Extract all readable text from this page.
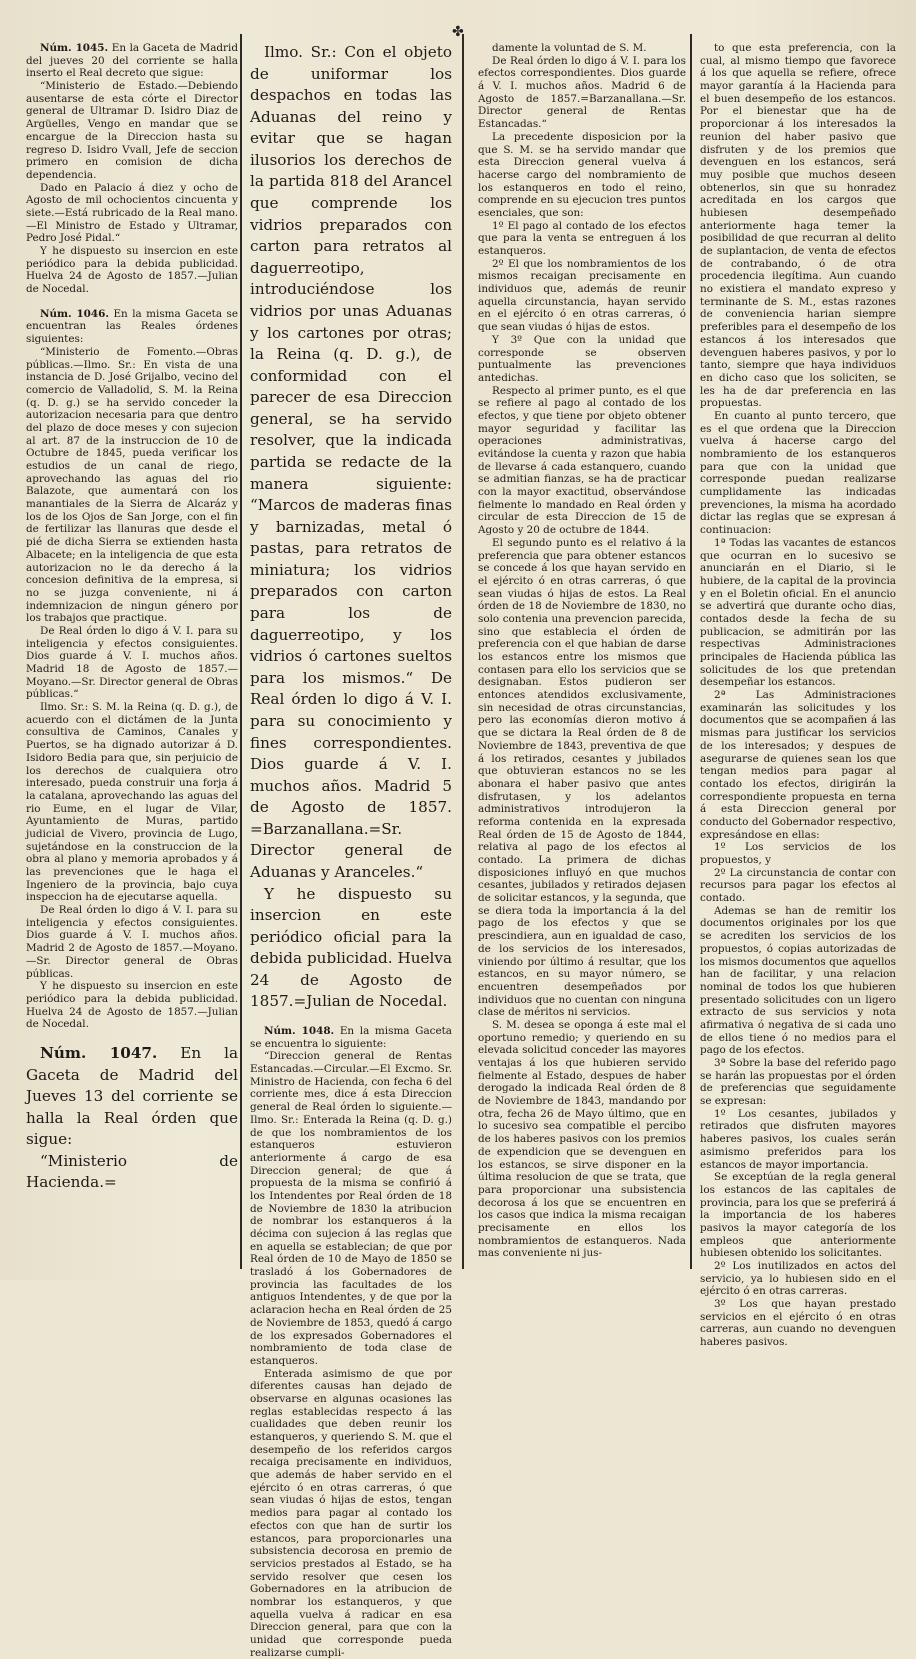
✤

Núm. 1045. En la Gaceta de Madrid del jueves 20 del corriente se halla inserto el Real decreto que sigue:

“Ministerio de Estado.—Debiendo ausentarse de esta córte el Director general de Ultramar D. Isidro Diaz de Argüelles, Vengo en mandar que se encargue de la Direccion hasta su regreso D. Isidro Vvall, Jefe de seccion primero en comision de dicha dependencia.

Dado en Palacio á diez y ocho de Agosto de mil ochocientos cincuenta y siete.—Está rubricado de la Real mano.—El Ministro de Estado y Ultramar, Pedro José Pidal.“

Y he dispuesto su insercion en este periódico para la debida publicidad. Huelva 24 de Agosto de 1857.—Julian de Nocedal.

Núm. 1046. En la misma Gaceta se encuentran las Reales órdenes siguientes:

“Ministerio de Fomento.—Obras públicas.—Ilmo. Sr.: En vista de una instancia de D. José Grijalbo, vecino del comercio de Valladolid, S. M. la Reina (q. D. g.) se ha servido conceder la autorizacion necesaria para que dentro del plazo de doce meses y con sujecion al art. 87 de la instruccion de 10 de Octubre de 1845, pueda verificar los estudios de un canal de riego, aprovechando las aguas del rio Balazote, que aumentará con los manantiales de la Sierra de Alcaráz y los de los Ojos de San Jorge, con el fin de fertilizar las llanuras que desde el pié de dicha Sierra se extienden hasta Albacete; en la inteligencia de que esta autorizacion no le da derecho á la concesion definitiva de la empresa, si no se juzga conveniente, ni á indemnizacion de ningun género por los trabajos que practique.

De Real órden lo digo á V. I. para su inteligencia y efectos consiguientes. Dios guarde á V. I. muchos años. Madrid 18 de Agosto de 1857.—Moyano.—Sr. Director general de Obras públicas.“

Ilmo. Sr.: S. M. la Reina (q. D. g.), de acuerdo con el dictámen de la Junta consultiva de Caminos, Canales y Puertos, se ha dignado autorizar á D. Isidoro Bedia para que, sin perjuicio de los derechos de cualquiera otro interesado, pueda construir una forja á la catalana, aprovechando las aguas del rio Eume, en el lugar de Vilar, Ayuntamiento de Muras, partido judicial de Vivero, provincia de Lugo, sujetándose en la construccion de la obra al plano y memoria aprobados y á las prevenciones que le haga el Ingeniero de la provincia, bajo cuya inspeccion ha de ejecutarse aquella.

De Real órden lo digo á V. I. para su inteligencia y efectos consiguientes. Dios guarde á V. I. muchos años. Madrid 2 de Agosto de 1857.—Moyano.—Sr. Director general de Obras públicas.

Y he dispuesto su insercion en este periódico para la debida publicidad. Huelva 24 de Agosto de 1857.—Julian de Nocedal.

Núm. 1047. En la Gaceta de Madrid del Jueves 13 del corriente se halla la Real órden que sigue:

“Ministerio de Hacienda.=

Ilmo. Sr.: Con el objeto de uniformar los despachos en todas las Aduanas del reino y evitar que se hagan ilusorios los derechos de la partida 818 del Arancel que comprende los vidrios preparados con carton para retratos al daguerreotipo, introduciéndose los vidrios por unas Aduanas y los cartones por otras; la Reina (q. D. g.), de conformidad con el parecer de esa Direccion general, se ha servido resolver, que la indicada partida se redacte de la manera siguiente: “Marcos de maderas finas y barnizadas, metal ó pastas, para retratos de miniatura; los vidrios preparados con carton para los de daguerreotipo, y los vidrios ó cartones sueltos para los mismos.“ De Real órden lo digo á V. I. para su conocimiento y fines correspondientes. Dios guarde á V. I. muchos años. Madrid 5 de Agosto de 1857. =Barzanallana.=Sr. Director general de Aduanas y Aranceles.“

Y he dispuesto su insercion en este periódico oficial para la debida publicidad. Huelva 24 de Agosto de 1857.=Julian de Nocedal.

Núm. 1048. En la misma Gaceta se encuentra lo siguiente:

“Direccion general de Rentas Estancadas.—Circular.—El Excmo. Sr. Ministro de Hacienda, con fecha 6 del corriente mes, dice á esta Direccion general de Real órden lo siguiente.—Ilmo. Sr.: Enterada la Reina (q. D. g.) de que los nombramientos de los estanqueros estuvieron anteriormente á cargo de esa Direccion general; de que á propuesta de la misma se confirió á los Intendentes por Real órden de 18 de Noviembre de 1830 la atribucion de nombrar los estanqueros á la décima con sujecion á las reglas que en aquella se establecian; de que por Real órden de 10 de Mayo de 1850 se trasladó á los Gobernadores de provincia las facultades de los antiguos Intendentes, y de que por la aclaracion hecha en Real órden de 25 de Noviembre de 1853, quedó á cargo de los expresados Gobernadores el nombramiento de toda clase de estanqueros.

Enterada asimismo de que por diferentes causas han dejado de observarse en algunas ocasiones las reglas establecidas respecto á las cualidades que deben reunir los estanqueros, y queriendo S. M. que el desempeño de los referidos cargos recaiga precisamente en individuos, que además de haber servido en el ejército ó en otras carreras, ó que sean viudas ó hijas de estos, tengan medios para pagar al contado los efectos con que han de surtir los estancos, para proporcionarles una subsistencia decorosa en premio de servicios prestados al Estado, se ha servido resolver que cesen los Gobernadores en la atribucion de nombrar los estanqueros, y que aquella vuelva á radicar en esa Direccion general, para que con la unidad que corresponde pueda realizarse cumpli-

damente la voluntad de S. M.

De Real órden lo digo á V. I. para los efectos correspondientes. Dios guarde á V. I. muchos años. Madrid 6 de Agosto de 1857.=Barzanallana.—Sr. Director general de Rentas Estancadas.“

La precedente disposicion por la que S. M. se ha servido mandar que esta Direccion general vuelva á hacerse cargo del nombramiento de los estanqueros en todo el reino, comprende en su ejecucion tres puntos esenciales, que son:

1º El pago al contado de los efectos que para la venta se entreguen á los estanqueros.

2º El que los nombramientos de los mismos recaigan precisamente en individuos que, además de reunir aquella circunstancia, hayan servido en el ejército ó en otras carreras, ó que sean viudas ó hijas de estos.

Y 3º Que con la unidad que corresponde se observen puntualmente las prevenciones antedichas.

Respecto al primer punto, es el que se refiere al pago al contado de los efectos, y que tiene por objeto obtener mayor seguridad y facilitar las operaciones administrativas, evitándose la cuenta y razon que habia de llevarse á cada estanquero, cuando se admitian fianzas, se ha de practicar con la mayor exactitud, observándose fielmente lo mandado en Real órden y circular de esta Direccion de 15 de Agosto y 20 de octubre de 1844.

El segundo punto es el relativo á la preferencia que para obtener estancos se concede á los que hayan servido en el ejército ó en otras carreras, ó que sean viudas ó hijas de estos. La Real órden de 18 de Noviembre de 1830, no solo contenia una prevencion parecida, sino que establecia el órden de preferencia con el que habian de darse los estancos entre los mismos que contasen para ello los servicios que se designaban. Estos pudieron ser entonces atendidos exclusivamente, sin necesidad de otras circunstancias, pero las economías dieron motivo á que se dictara la Real órden de 8 de Noviembre de 1843, preventiva de que á los retirados, cesantes y jubilados que obtuvieran estancos no se les abonara el haber pasivo que antes disfrutasen, y los adelantos administrativos introdujeron la reforma contenida en la expresada Real órden de 15 de Agosto de 1844, relativa al pago de los efectos al contado. La primera de dichas disposiciones influyó en que muchos cesantes, jubilados y retirados dejasen de solicitar estancos, y la segunda, que se diera toda la importancia á la del pago de los efectos y que se prescindiera, aun en igualdad de caso, de los servicios de los interesados, viniendo por último á resultar, que los estancos, en su mayor número, se encuentren desempeñados por individuos que no cuentan con ninguna clase de méritos ni servicios.

S. M. desea se oponga á este mal el oportuno remedio; y queriendo en su elevada solicitud conceder las mayores ventajas á los que hubieren servido fielmente al Estado, despues de haber derogado la indicada Real órden de 8 de Noviembre de 1843, mandando por otra, fecha 26 de Mayo último, que en lo sucesivo sea compatible el percibo de los haberes pasivos con los premios de expendicion que se devenguen en los estancos, se sirve disponer en la última resolucion de que se trata, que para proporcionar una subsistencia decorosa á los que se encuentren en los casos que indica la misma recaigan precisamente en ellos los nombramientos de estanqueros. Nada mas conveniente ni jus-

to que esta preferencia, con la cual, al mismo tiempo que favorece á los que aquella se refiere, ofrece mayor garantía á la Hacienda para el buen desempeño de los estancos. Por el bienestar que ha de proporcionar á los interesados la reunion del haber pasivo que disfruten y de los premios que devenguen en los estancos, será muy posible que muchos deseen obtenerlos, sin que su honradez acreditada en los cargos que hubiesen desempeñado anteriormente haga temer la posibilidad de que recurran al delito de suplantacion, de venta de efectos de contrabando, ó de otra procedencia ilegítima. Aun cuando no existiera el mandato expreso y terminante de S. M., estas razones de conveniencia harian siempre preferibles para el desempeño de los estancos á los interesados que devenguen haberes pasivos, y por lo tanto, siempre que haya individuos en dicho caso que los soliciten, se les ha de dar preferencia en las propuestas.

En cuanto al punto tercero, que es el que ordena que la Direccion vuelva á hacerse cargo del nombramiento de los estanqueros para que con la unidad que corresponde puedan realizarse cumplidamente las indicadas prevenciones, la misma ha acordado dictar las reglas que se expresan á continuacion:

1ª Todas las vacantes de estancos que ocurran en lo sucesivo se anunciarán en el Diario, si le hubiere, de la capital de la provincia y en el Boletin oficial. En el anuncio se advertirá que durante ocho dias, contados desde la fecha de su publicacion, se admitirán por las respectivas Administraciones principales de Hacienda pública las solicitudes de los que pretendan desempeñar los estancos.

2ª Las Administraciones examinarán las solicitudes y los documentos que se acompañen á las mismas para justificar los servicios de los interesados; y despues de asegurarse de quienes sean los que tengan medios para pagar al contado los efectos, dirigirán la correspondiente propuesta en terna á esta Direccion general por conducto del Gobernador respectivo, expresándose en ellas:

1º Los servicios de los propuestos, y

2º La circunstancia de contar con recursos para pagar los efectos al contado.

Ademas se han de remitir los documentos originales por los que se acrediten los servicios de los propuestos, ó copias autorizadas de los mismos documentos que aquellos han de facilitar, y una relacion nominal de todos los que hubieren presentado solicitudes con un ligero extracto de sus servicios y nota afirmativa ó negativa de si cada uno de ellos tiene ó no medios para el pago de los efectos.

3ª Sobre la base del referido pago se harán las propuestas por el órden de preferencias que seguidamente se expresan:

1º Los cesantes, jubilados y retirados que disfruten mayores haberes pasivos, los cuales serán asimismo preferidos para los estancos de mayor importancia.

Se exceptúan de la regla general los estancos de las capitales de provincia, para los que se preferirá á la importancia de los haberes pasivos la mayor categoría de los empleos que anteriormente hubiesen obtenido los solicitantes.

2º Los inutilizados en actos del servicio, ya lo hubiesen sido en el ejército ó en otras carreras.

3º Los que hayan prestado servicios en el ejército ó en otras carreras, aun cuando no devenguen haberes pasivos.
